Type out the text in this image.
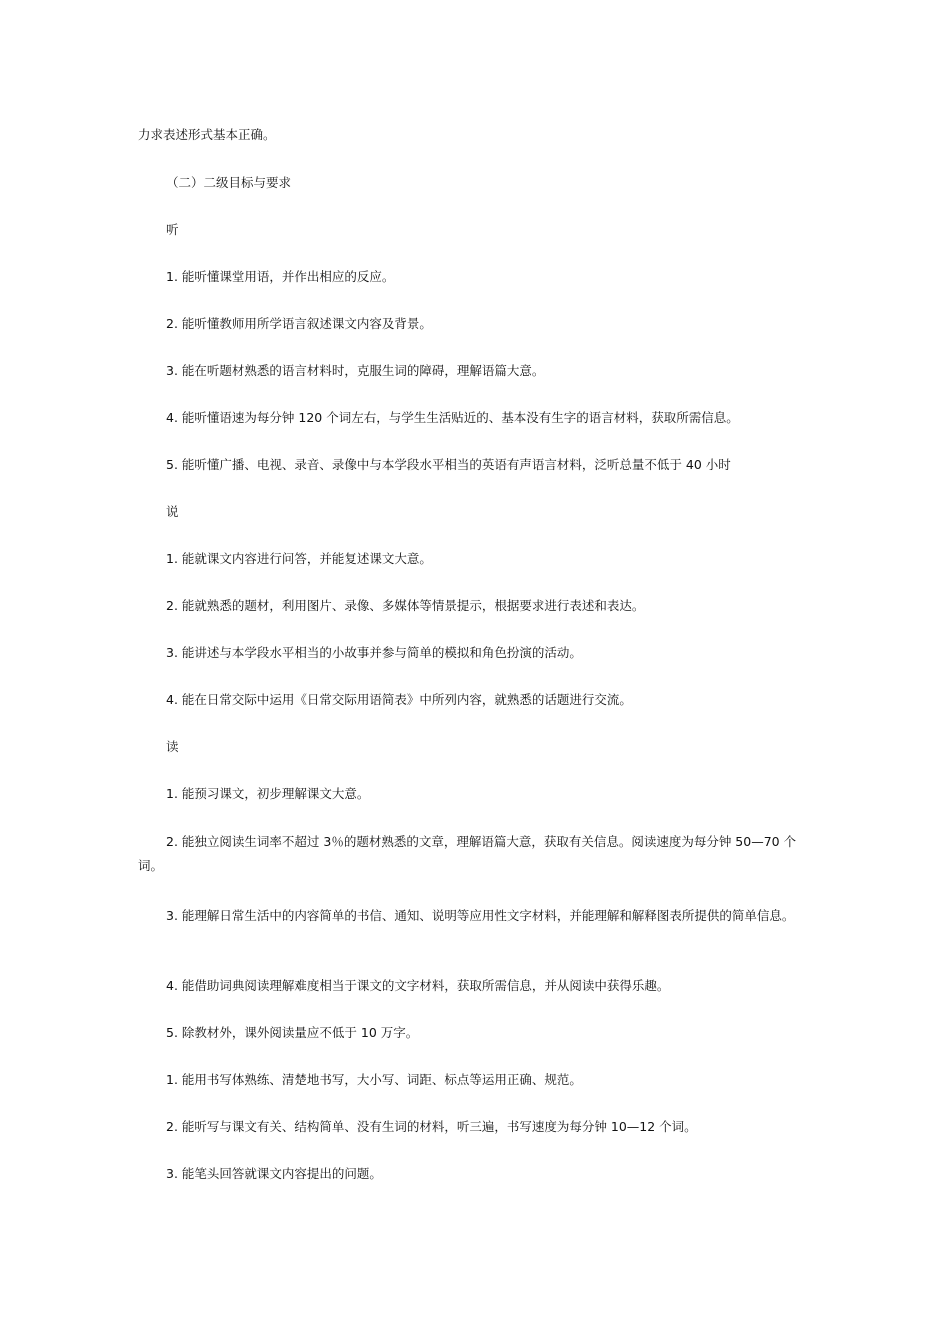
力求表述形式基本正确。

（二）二级目标与要求

听

1. 能听懂课堂用语，并作出相应的反应。

2. 能听懂教师用所学语言叙述课文内容及背景。

3. 能在听题材熟悉的语言材料时，克服生词的障碍，理解语篇大意。

4. 能听懂语速为每分钟 120 个词左右，与学生生活贴近的、基本没有生字的语言材料，获取所需信息。

5. 能听懂广播、电视、录音、录像中与本学段水平相当的英语有声语言材料，泛听总量不低于 40 小时

说

1. 能就课文内容进行问答，并能复述课文大意。

2. 能就熟悉的题材，利用图片、录像、多媒体等情景提示，根据要求进行表述和表达。

3. 能讲述与本学段水平相当的小故事并参与简单的模拟和角色扮演的活动。

4. 能在日常交际中运用《日常交际用语简表》中所列内容，就熟悉的话题进行交流。

读

1. 能预习课文，初步理解课文大意。

2. 能独立阅读生词率不超过 3％的题材熟悉的文章，理解语篇大意，获取有关信息。阅读速度为每分钟 50—70 个词。

3. 能理解日常生活中的内容简单的书信、通知、说明等应用性文字材料，并能理解和解释图表所提供的简单信息。

4. 能借助词典阅读理解难度相当于课文的文字材料，获取所需信息，并从阅读中获得乐趣。

5. 除教材外，课外阅读量应不低于 10 万字。

1. 能用书写体熟练、清楚地书写，大小写、词距、标点等运用正确、规范。

2. 能听写与课文有关、结构简单、没有生词的材料，听三遍，书写速度为每分钟 10—12 个词。

3. 能笔头回答就课文内容提出的问题。
